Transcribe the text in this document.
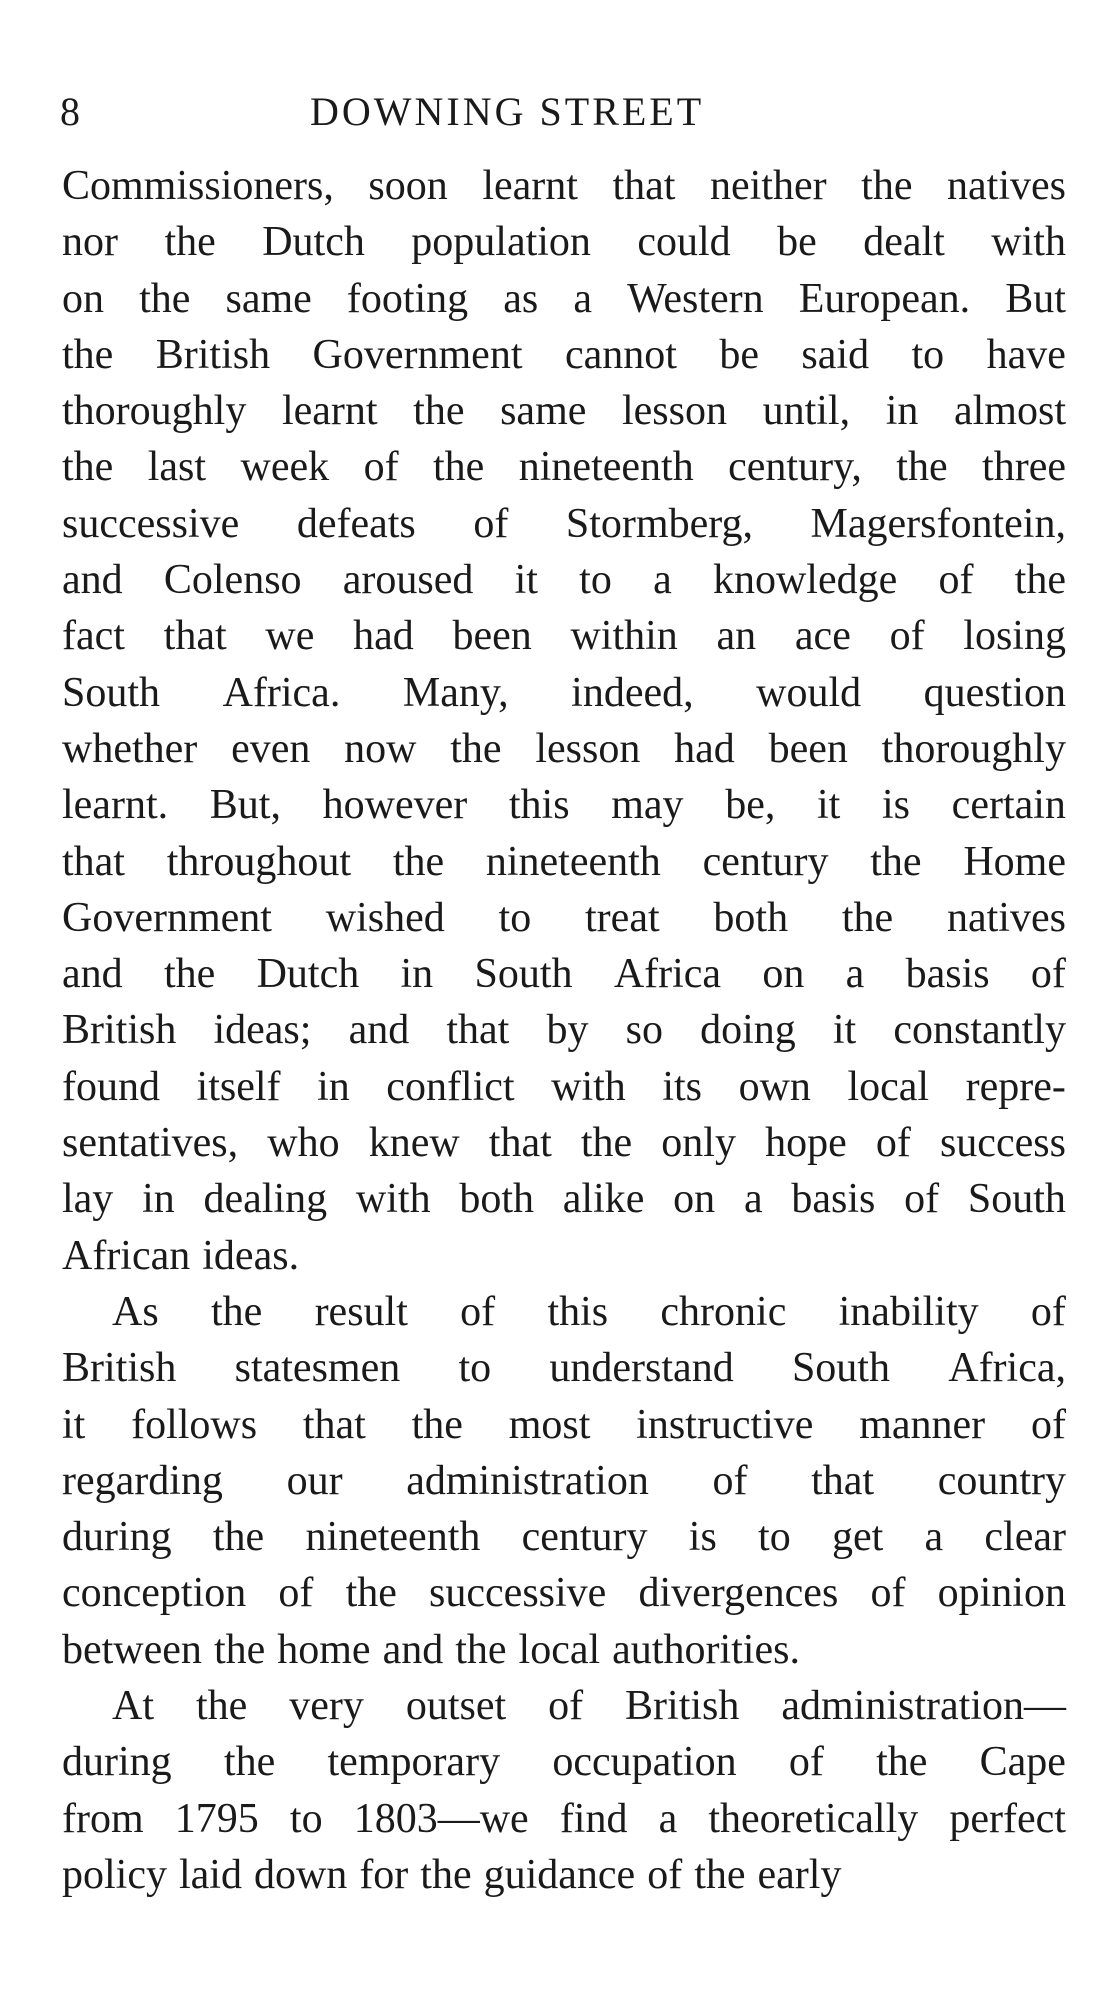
8	DOWNING STREET
Commissioners, soon learnt that neither the natives
nor the Dutch population could be dealt with
on the same footing as a Western European. But
the British Government cannot be said to have
thoroughly learnt the same lesson until, in almost
the last week of the nineteenth century, the three
successive defeats of Stormberg, Magersfontein,
and Colenso aroused it to a knowledge of the
fact that we had been within an ace of losing
South Africa. Many, indeed, would question
whether even now the lesson had been thoroughly
learnt. But, however this may be, it is certain
that throughout the nineteenth century the Home
Government wished to treat both the natives
and the Dutch in South Africa on a basis of
British ideas; and that by so doing it constantly
found itself in conflict with its own local repre-
sentatives, who knew that the only hope of success
lay in dealing with both alike on a basis of South
African ideas.
As the result of this chronic inability of
British statesmen to understand South Africa,
it follows that the most instructive manner of
regarding our administration of that country
during the nineteenth century is to get a clear
conception of the successive divergences of opinion
between the home and the local authorities.
At the very outset of British administration—
during the temporary occupation of the Cape
from 1795 to 1803—we find a theoretically perfect
policy laid down for the guidance of the early
